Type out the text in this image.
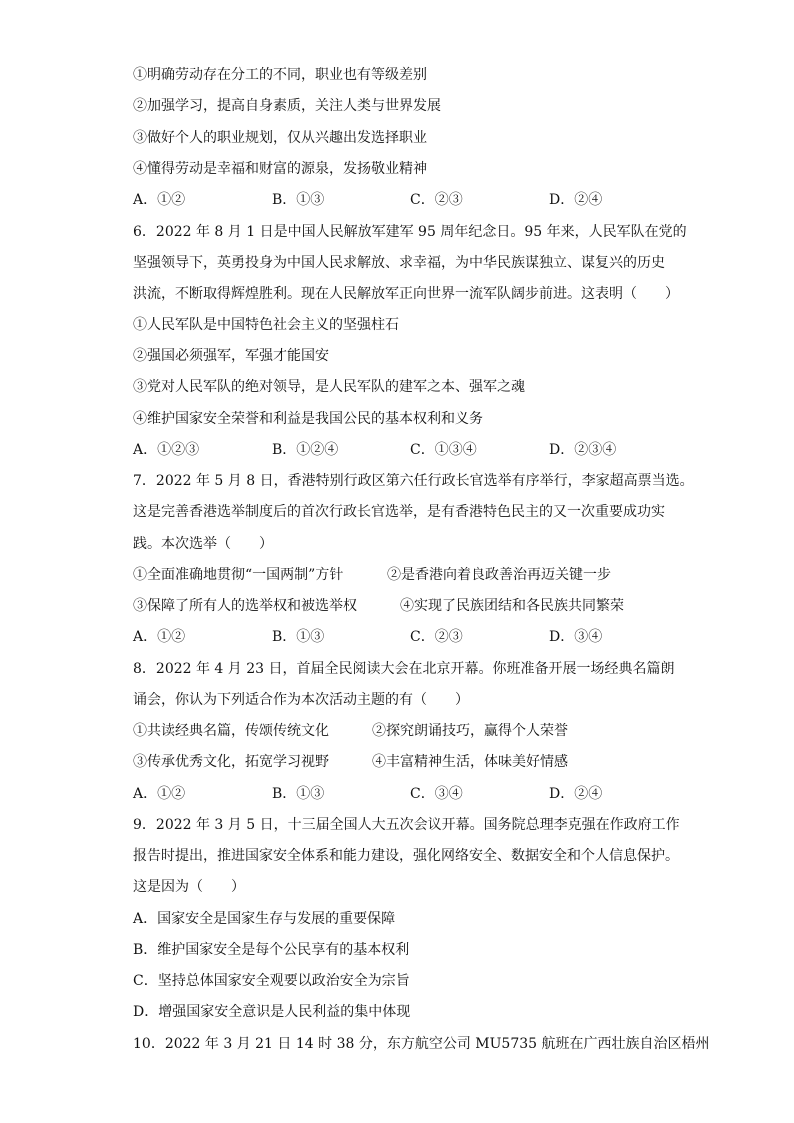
①明确劳动存在分工的不同，职业也有等级差别
②加强学习，提高自身素质，关注人类与世界发展
③做好个人的职业规划，仅从兴趣出发选择职业
④懂得劳动是幸福和财富的源泉，发扬敬业精神
A．①②	B．①③	C．②③	D．②④
6．2022 年 8 月 1 日是中国人民解放军建军 95 周年纪念日。95 年来，人民军队在党的
坚强领导下，英勇投身为中国人民求解放、求幸福，为中华民族谋独立、谋复兴的历史
洪流，不断取得辉煌胜利。现在人民解放军正向世界一流军队阔步前进。这表明（　　）
①人民军队是中国特色社会主义的坚强柱石
②强国必须强军，军强才能国安
③党对人民军队的绝对领导，是人民军队的建军之本、强军之魂
④维护国家安全荣誉和利益是我国公民的基本权利和义务
A．①②③	B．①②④	C．①③④	D．②③④
7．2022 年 5 月 8 日，香港特别行政区第六任行政长官选举有序举行，李家超高票当选。
这是完善香港选举制度后的首次行政长官选举，是有香港特色民主的又一次重要成功实
践。本次选举（　　）
①全面准确地贯彻“一国两制”方针	②是香港向着良政善治再迈关键一步
③保障了所有人的选举权和被选举权	④实现了民族团结和各民族共同繁荣
A．①②	B．①③	C．②③	D．③④
8．2022 年 4 月 23 日，首届全民阅读大会在北京开幕。你班准备开展一场经典名篇朗
诵会，你认为下列适合作为本次活动主题的有（　　）
①共读经典名篇，传颂传统文化	②探究朗诵技巧，赢得个人荣誉
③传承优秀文化，拓宽学习视野	④丰富精神生活，体味美好情感
A．①②	B．①③	C．③④	D．②④
9．2022 年 3 月 5 日，十三届全国人大五次会议开幕。国务院总理李克强在作政府工作
报告时提出，推进国家安全体系和能力建设，强化网络安全、数据安全和个人信息保护。
这是因为（　　）
A．国家安全是国家生存与发展的重要保障
B．维护国家安全是每个公民享有的基本权利
C．坚持总体国家安全观要以政治安全为宗旨
D．增强国家安全意识是人民利益的集中体现
10．2022 年 3 月 21 日 14 时 38 分，东方航空公司 MU5735 航班在广西壮族自治区梧州
